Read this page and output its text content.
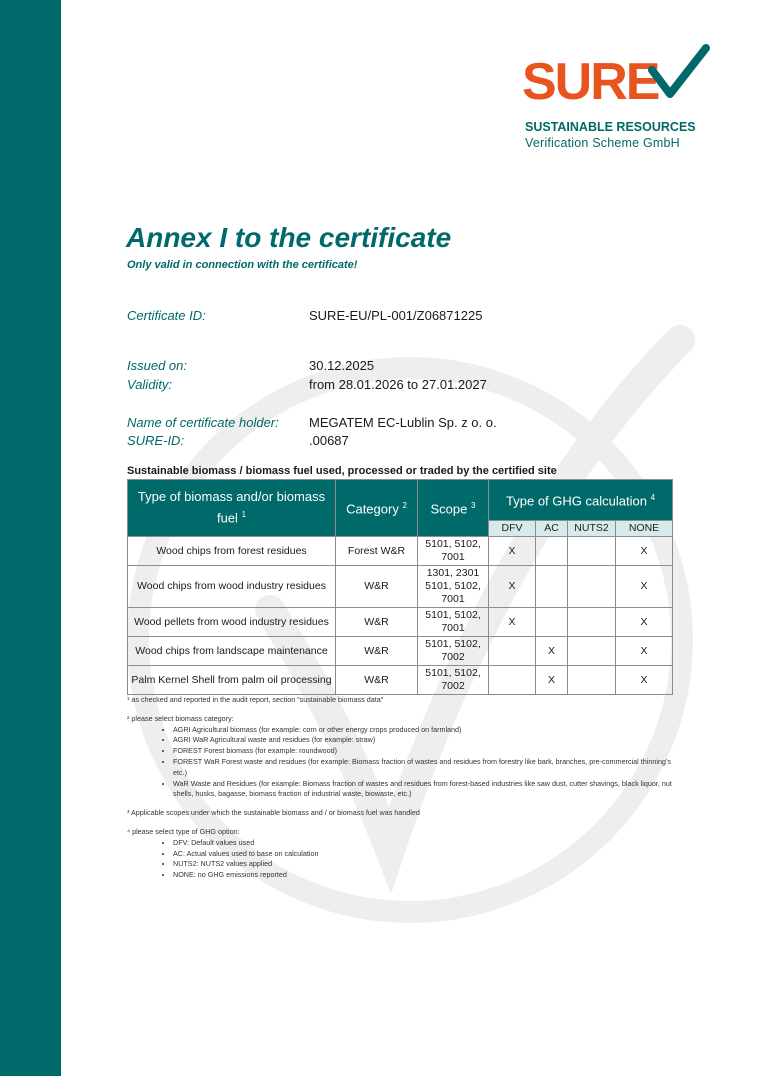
SURE
SUSTAINABLE RESOURCES
Verification Scheme GmbH
Annex I to the certificate
Only valid in connection with the certificate!
Certificate ID:	SURE-EU/PL-001/Z06871225
Issued on:	30.12.2025
Validity:	from 28.01.2026 to 27.01.2027
Name of certificate holder: MEGATEM EC-Lublin Sp. z o. o.
SURE-ID:	.00687
Sustainable biomass / biomass fuel used, processed or traded by the certified site
Type of biomass and/or biomass fuel $^1$	Category $^2$	Scope $^3$	Type of GHG calculation $^4$
			DFV	AC	NUTS2	NONE
Wood chips from forest residues	Forest W&R	5101, 5102, 7001	X			X
Wood chips from wood industry residues	W&R	1301, 2301 5101, 5102, 7001	X			X
Wood pellets from wood industry residues	W&R	5101, 5102, 7001	X			X
Wood chips from landscape maintenance	W&R	5101, 5102, 7002		X		X
Palm Kernel Shell from palm oil processing	W&R	5101, 5102, 7002		X		X

¹ as checked and reported in the audit report, section “sustainable biomass data”

² please select biomass category:

• AGRI Agricultural biomass (for example: corn or other energy crops produced on farmland)
• AGRI WaR Agricultural waste and residues (for example: straw)
• FOREST Forest biomass (for example: roundwood)
• FOREST WaR Forest waste and residues (for example: Biomass fraction of wastes and residues from forestry like bark, branches, pre-commercial thinning’s etc.)
• WaR Waste and Residues (for example: Biomass fraction of wastes and residues from forest-based industries like saw dust, cutter shavings, black liquor, nut shells, husks, bagasse, biomass fraction of industrial waste, biowaste, etc.)

³ Applicable scopes under which the sustainable biomass and / or biomass fuel was handled

⁴ please select type of GHG option:

• DFV: Default values used
• AC: Actual values used to base on calculation
• NUTS2: NUTS2 values applied
• NONE: no GHG emissions reported
